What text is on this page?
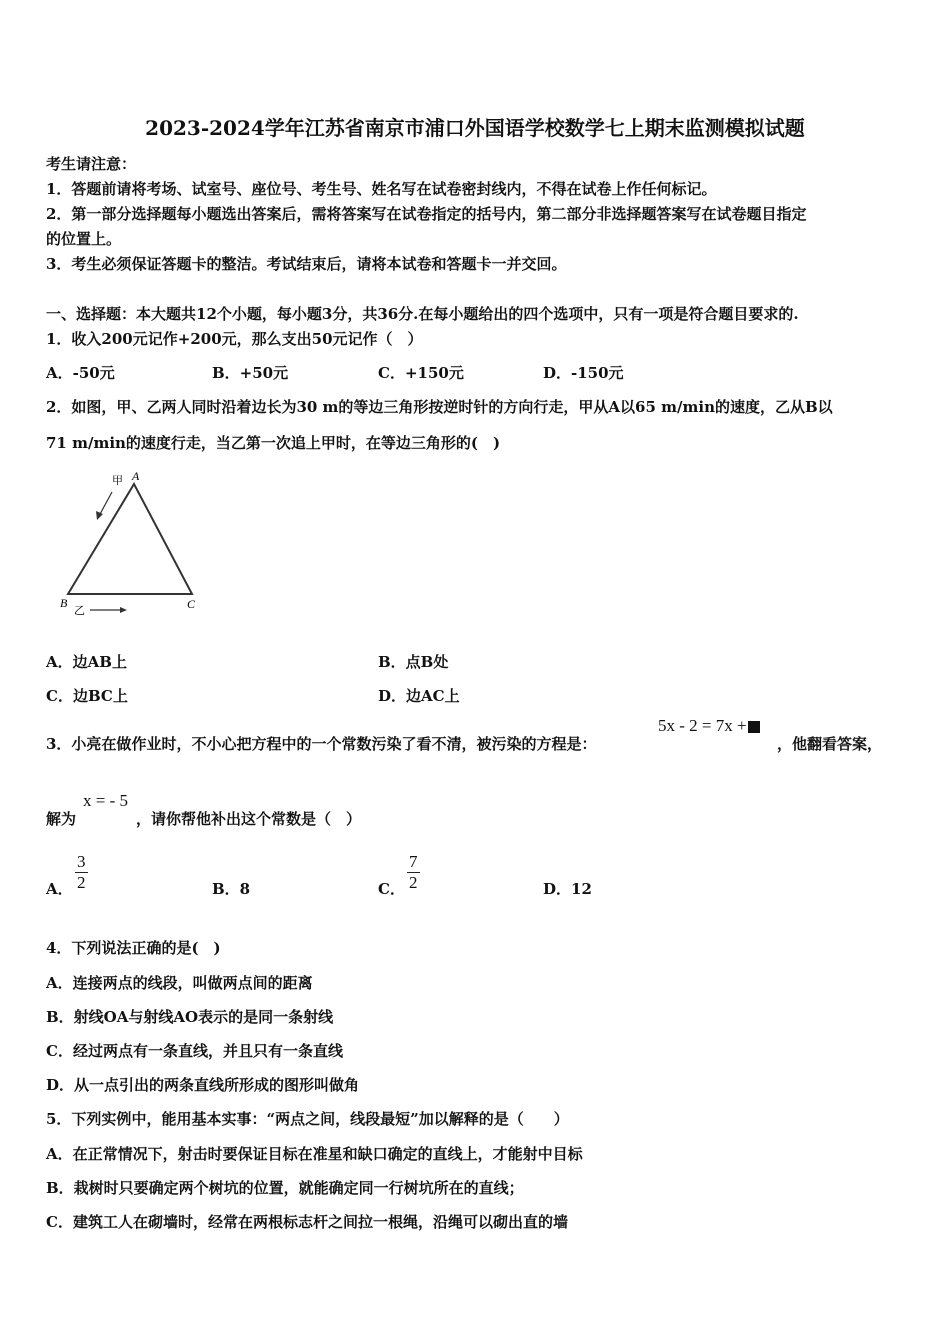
2023-2024学年江苏省南京市浦口外国语学校数学七上期末监测模拟试题
考生请注意：
1．答题前请将考场、试室号、座位号、考生号、姓名写在试卷密封线内，不得在试卷上作任何标记。
2．第一部分选择题每小题选出答案后，需将答案写在试卷指定的括号内，第二部分非选择题答案写在试卷题目指定
的位置上。
3．考生必须保证答题卡的整洁。考试结束后，请将本试卷和答题卡一并交回。
一、选择题：本大题共12个小题，每小题3分，共36分.在每小题给出的四个选项中，只有一项是符合题目要求的.
1．收入200元记作+200元，那么支出50元记作（　）
A．-50元	B．+50元	C．+150元	D．-150元
2．如图，甲、乙两人同时沿着边长为30 m的等边三角形按逆时针的方向行走，甲从A以65 m/min的速度，乙从B以
71 m/min的速度行走，当乙第一次追上甲时，在等边三角形的(　)
A
B	C
甲
乙
A．边AB上	B．点B处
C．边BC上	D．边AC上
3．小亮在做作业时，不小心把方程中的一个常数污染了看不清，被污染的方程是：
5x - 2 = 7x +
，他翻看答案，
解为
x = - 5
，请你帮他补出这个常数是（　）
A． $\frac{3}{2}$	B．8	C． $\frac{7}{2}$	D．12
4．下列说法正确的是(　)
A．连接两点的线段，叫做两点间的距离
B．射线OA与射线AO表示的是同一条射线
C．经过两点有一条直线，并且只有一条直线
D．从一点引出的两条直线所形成的图形叫做角
5．下列实例中，能用基本实事：“两点之间，线段最短”加以解释的是（　　）
A．在正常情况下，射击时要保证目标在准星和缺口确定的直线上，才能射中目标
B．栽树时只要确定两个树坑的位置，就能确定同一行树坑所在的直线；
C．建筑工人在砌墙时，经常在两根标志杆之间拉一根绳，沿绳可以砌出直的墙
